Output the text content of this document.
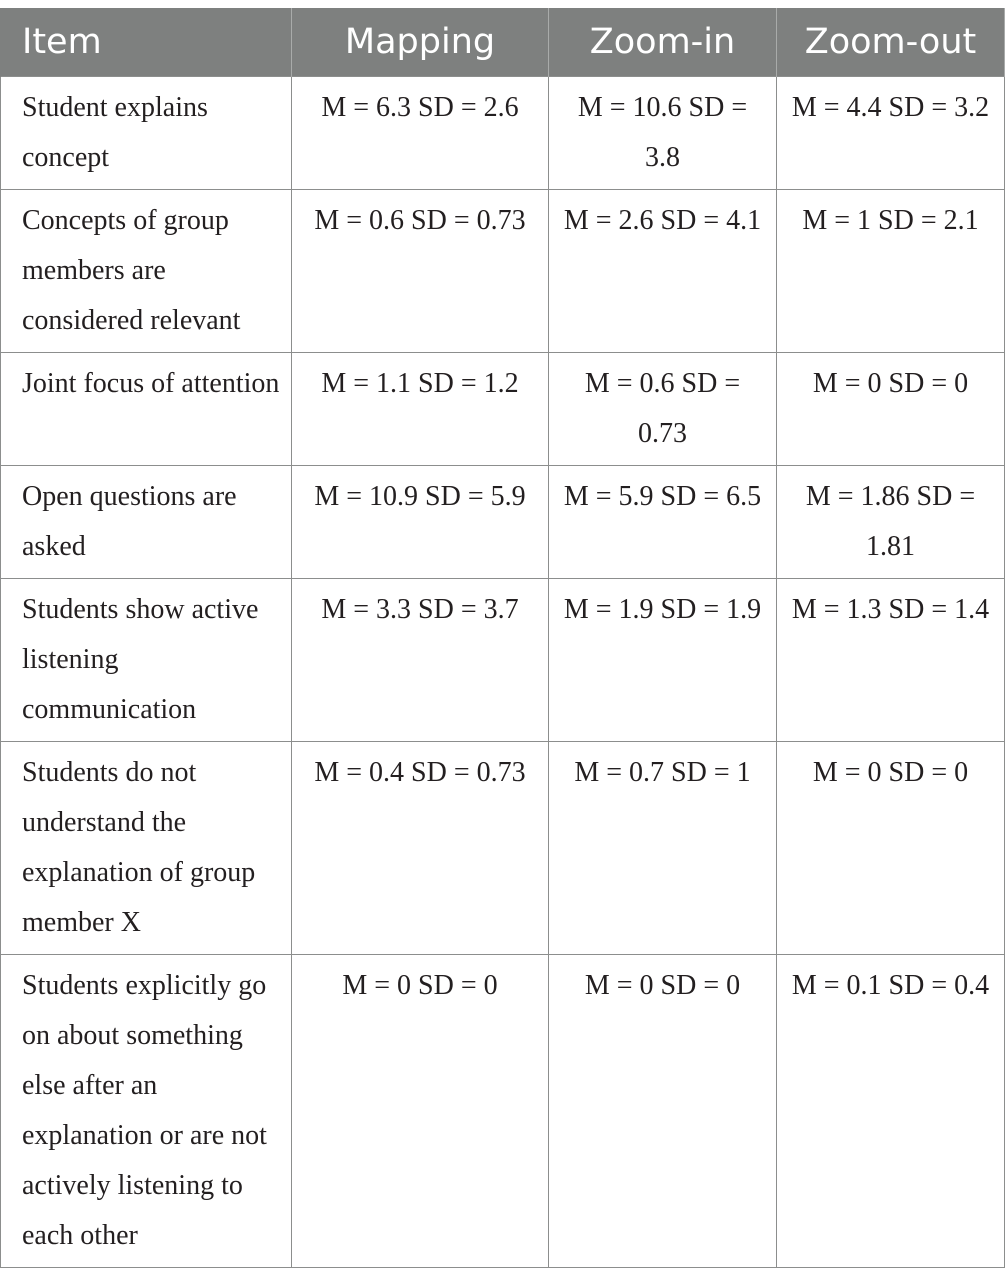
Item	Mapping	Zoom-in	Zoom-out
Student explains concept	M = 6.3 SD = 2.6	M = 10.6 SD = 3.8	M = 4.4 SD = 3.2
Concepts of group members are considered relevant	M = 0.6 SD = 0.73	M = 2.6 SD = 4.1	M = 1 SD = 2.1
Joint focus of attention	M = 1.1 SD = 1.2	M = 0.6 SD = 0.73	M = 0 SD = 0
Open questions are asked	M = 10.9 SD = 5.9	M = 5.9 SD = 6.5	M = 1.86 SD = 1.81
Students show active listening communication	M = 3.3 SD = 3.7	M = 1.9 SD = 1.9	M = 1.3 SD = 1.4
Students do not understand the explanation of group member X	M = 0.4 SD = 0.73	M = 0.7 SD = 1	M = 0 SD = 0
Students explicitly go on about something else after an explanation or are not actively listening to each other	M = 0 SD = 0	M = 0 SD = 0	M = 0.1 SD = 0.4
